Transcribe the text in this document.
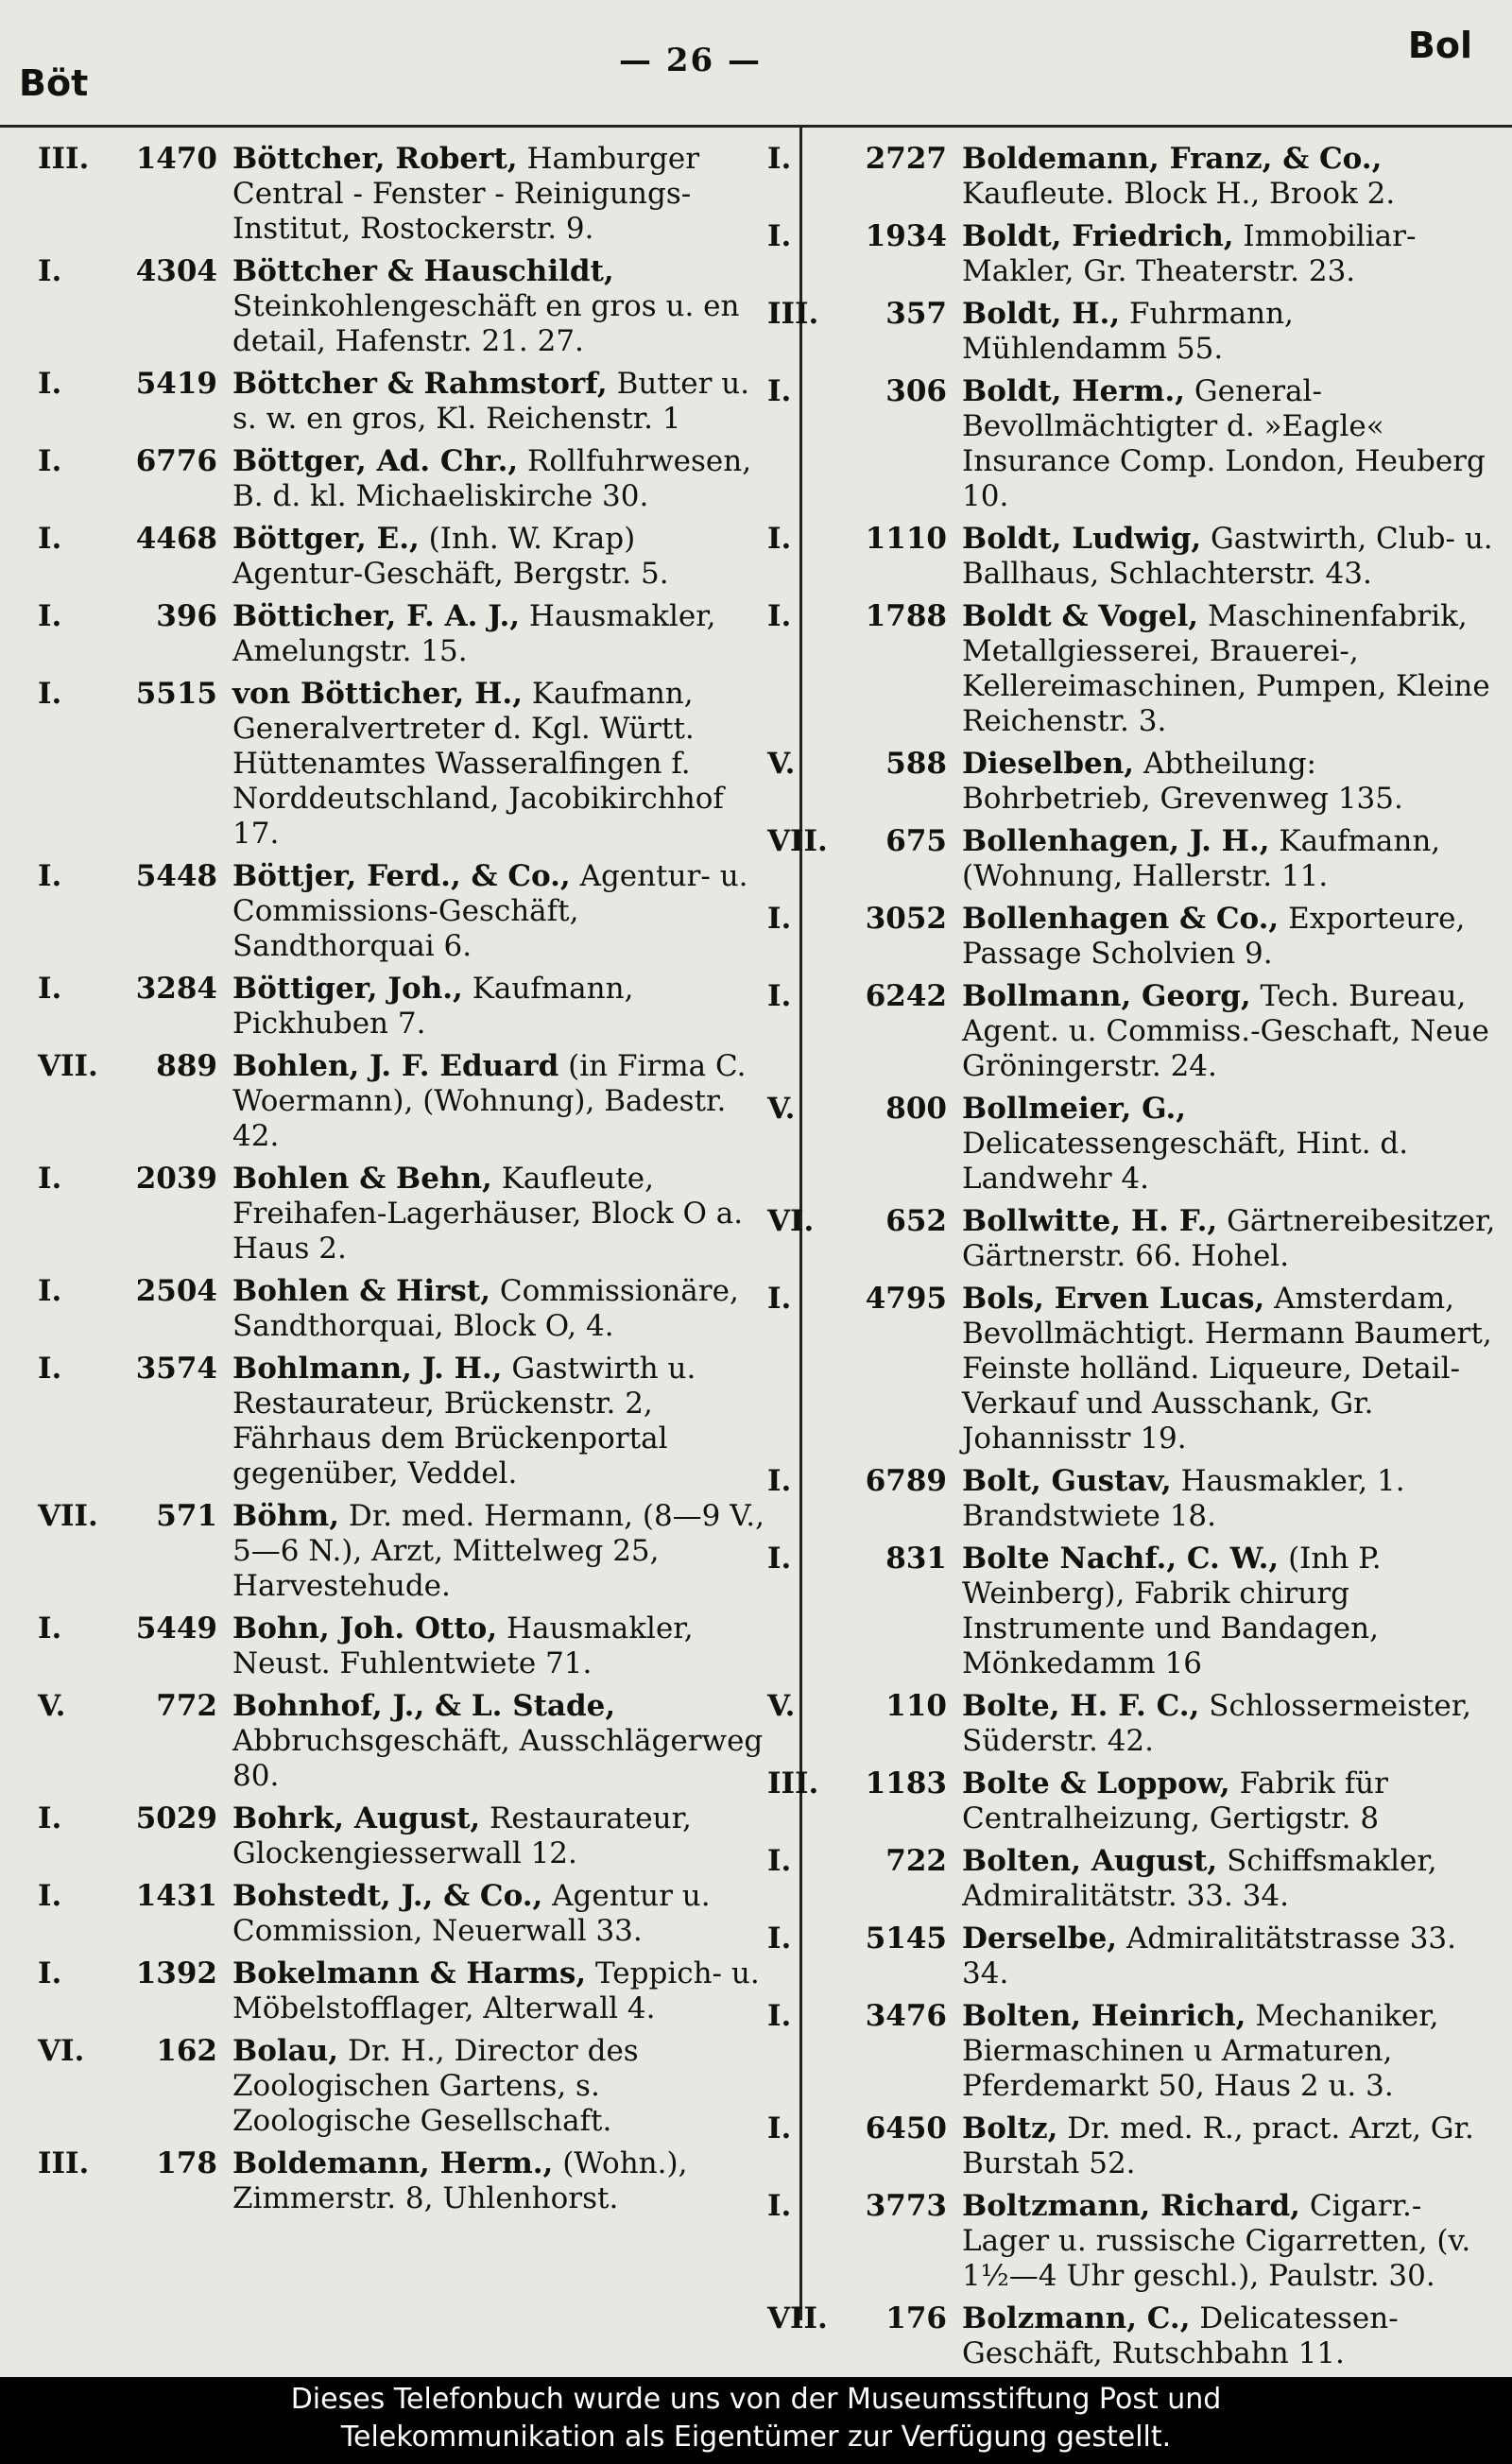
Böt
— 26 —	Bol
III.	1470 Böttcher, Robert, Hamburger Central - Fenster - Reinigungs-Institut, Rostockerstr. 9.
I.	4304 Böttcher & Hauschildt, Steinkohlengeschäft en gros u. en detail, Hafenstr. 21. 27.
I.	5419 Böttcher & Rahmstorf, Butter u. s. w. en gros, Kl. Reichenstr. 1
I.	6776 Böttger, Ad. Chr., Rollfuhrwesen, B. d. kl. Michaeliskirche 30.
I.	4468 Böttger, E., (Inh. W. Krap) Agentur-Geschäft, Bergstr. 5.
I.	396 Bötticher, F. A. J., Hausmakler, Amelungstr. 15.
I.	5515 von Bötticher, H., Kaufmann, Generalvertreter d. Kgl. Württ. Hüttenamtes Wasseralfingen f. Norddeutschland, Jacobikirchhof 17.
I.	5448 Böttjer, Ferd., & Co., Agentur- u. Commissions-Geschäft, Sandthorquai 6.
I.	3284 Böttiger, Joh., Kaufmann, Pickhuben 7.
VII.	889 Bohlen, J. F. Eduard (in Firma C. Woermann), (Wohnung), Badestr. 42.
I.	2039 Bohlen & Behn, Kaufleute, Freihafen-Lagerhäuser, Block O a. Haus 2.
I.	2504 Bohlen & Hirst, Commissionäre, Sandthorquai, Block O, 4.
I.	3574 Bohlmann, J. H., Gastwirth u. Restaurateur, Brückenstr. 2, Fährhaus dem Brückenportal gegenüber, Veddel.
VII.	571 Böhm, Dr. med. Hermann, (8—9 V., 5—6 N.), Arzt, Mittelweg 25, Harvestehude.
I.	5449 Bohn, Joh. Otto, Hausmakler, Neust. Fuhlentwiete 71.
V.	772 Bohnhof, J., & L. Stade, Abbruchsgeschäft, Ausschlägerweg 80.
I.	5029 Bohrk, August, Restaurateur, Glockengiesserwall 12.
I.	1431 Bohstedt, J., & Co., Agentur u. Commission, Neuerwall 33.
I.	1392 Bokelmann & Harms, Teppich- u. Möbelstofflager, Alterwall 4.
VI.	162 Bolau, Dr. H., Director des Zoologischen Gartens, s. Zoologische Gesellschaft.
III.	178 Boldemann, Herm., (Wohn.), Zimmerstr. 8, Uhlenhorst.
I.	2727 Boldemann, Franz, & Co., Kaufleute. Block H., Brook 2.
I.	1934 Boldt, Friedrich, Immobiliar-Makler, Gr. Theaterstr. 23.
III.	357 Boldt, H., Fuhrmann, Mühlendamm 55.
I.	306 Boldt, Herm., General-Bevollmächtigter d. »Eagle« Insurance Comp. London, Heuberg 10.
I.	1110 Boldt, Ludwig, Gastwirth, Club- u. Ballhaus, Schlachterstr. 43.
I.	1788 Boldt & Vogel, Maschinenfabrik, Metallgiesserei, Brauerei-, Kellereimaschinen, Pumpen, Kleine Reichenstr. 3.
V.	588 Dieselben, Abtheilung: Bohrbetrieb, Grevenweg 135.
VII.	675 Bollenhagen, J. H., Kaufmann, (Wohnung, Hallerstr. 11.
I.	3052 Bollenhagen & Co., Exporteure, Passage Scholvien 9.
I.	6242 Bollmann, Georg, Tech. Bureau, Agent. u. Commiss.-Geschaft, Neue Gröningerstr. 24.
V.	800 Bollmeier, G., Delicatessengeschäft, Hint. d. Landwehr 4.
VI.	652 Bollwitte, H. F., Gärtnereibesitzer, Gärtnerstr. 66. Hohel.
I.	4795 Bols, Erven Lucas, Amsterdam, Bevollmächtigt. Hermann Baumert, Feinste holländ. Liqueure, Detail-Verkauf und Ausschank, Gr. Johannisstr 19.
I.	6789 Bolt, Gustav, Hausmakler, 1. Brandstwiete 18.
I.	831 Bolte Nachf., C. W., (Inh P. Weinberg), Fabrik chirurg Instrumente und Bandagen, Mönkedamm 16
V.	110 Bolte, H. F. C., Schlossermeister, Süderstr. 42.
III.	1183 Bolte & Loppow, Fabrik für Centralheizung, Gertigstr. 8
I.	722 Bolten, August, Schiffsmakler, Admiralitätstr. 33. 34.
I.	5145 Derselbe, Admiralitätstrasse 33. 34.
I.	3476 Bolten, Heinrich, Mechaniker, Biermaschinen u Armaturen, Pferdemarkt 50, Haus 2 u. 3.
I.	6450 Boltz, Dr. med. R., pract. Arzt, Gr. Burstah 52.
I.	3773 Boltzmann, Richard, Cigarr.-Lager u. russische Cigarretten, (v. 1½—4 Uhr geschl.), Paulstr. 30.
VII.	176 Bolzmann, C., Delicatessen-Geschäft, Rutschbahn 11.
Dieses Telefonbuch wurde uns von der Museumsstiftung Post und
Telekommunikation als Eigentümer zur Verfügung gestellt.
